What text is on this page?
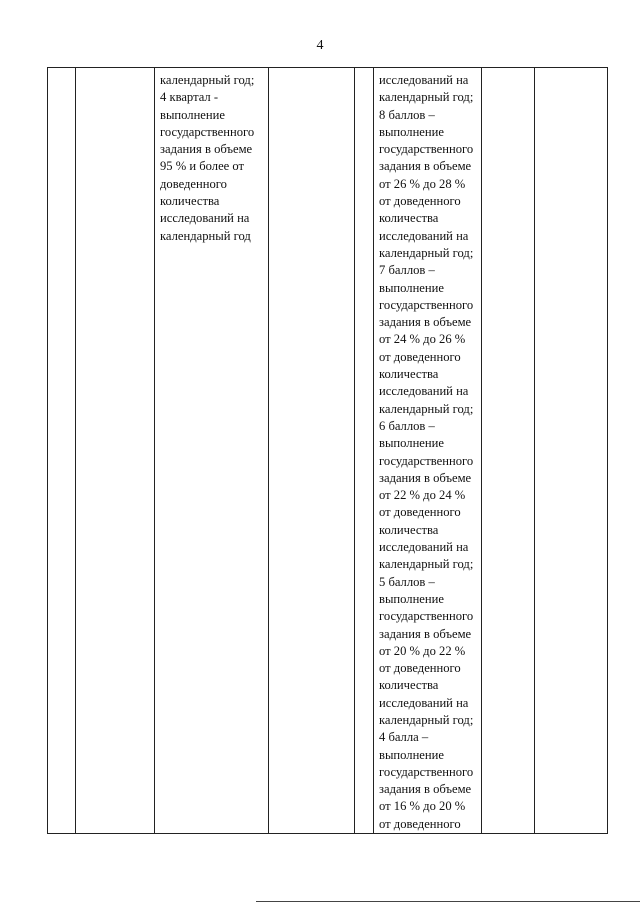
4

календарный год;
4 квартал -
выполнение
государственного
задания в объеме
95 % и более от
доведенного
количества
исследований на
календарный год

исследований на
календарный год;
8 баллов –
выполнение
государственного
задания в объеме
от 26 % до 28 %
от доведенного
количества
исследований на
календарный год;
7 баллов –
выполнение
государственного
задания в объеме
от 24 % до 26 %
от доведенного
количества
исследований на
календарный год;
6 баллов –
выполнение
государственного
задания в объеме
от 22 % до 24 %
от доведенного
количества
исследований на
календарный год;
5 баллов –
выполнение
государственного
задания в объеме
от 20 % до 22 %
от доведенного
количества
исследований на
календарный год;
4 балла –
выполнение
государственного
задания в объеме
от 16 % до 20 %
от доведенного
